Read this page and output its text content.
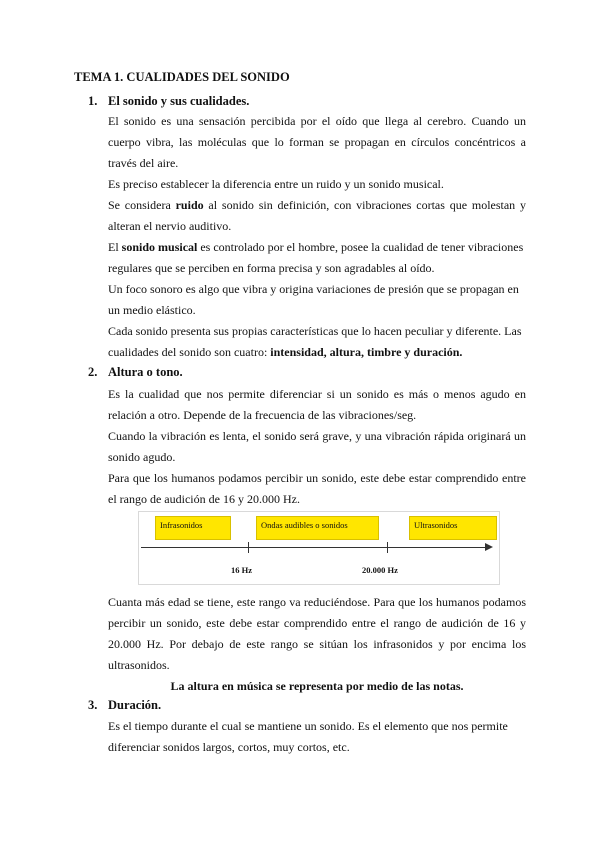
TEMA 1. CUALIDADES DEL SONIDO
1. El sonido y sus cualidades.

El sonido es una sensación percibida por el oído que llega al cerebro. Cuando un cuerpo vibra, las moléculas que lo forman se propagan en círculos concéntricos a través del aire.

Es preciso establecer la diferencia entre un ruido y un sonido musical.

Se considera ruido al sonido sin definición, con vibraciones cortas que molestan y alteran el nervio auditivo.

El sonido musical es controlado por el hombre, posee la cualidad de tener vibraciones regulares que se perciben en forma precisa y son agradables al oído.

Un foco sonoro es algo que vibra y origina variaciones de presión que se propagan en un medio elástico.

Cada sonido presenta sus propias características que lo hacen peculiar y diferente. Las cualidades del sonido son cuatro: intensidad, altura, timbre y duración.

2. Altura o tono.

Es la cualidad que nos permite diferenciar si un sonido es más o menos agudo en relación a otro. Depende de la frecuencia de las vibraciones/seg.

Cuando la vibración es lenta, el sonido será grave, y una vibración rápida originará un sonido agudo.

Para que los humanos podamos percibir un sonido, este debe estar comprendido entre el rango de audición de 16 y 20.000 Hz.

Infrasonidos	Ondas audibles o sonidos	Ultrasonidos
16 Hz	20.000 Hz

Cuanta más edad se tiene, este rango va reduciéndose. Para que los humanos podamos percibir un sonido, este debe estar comprendido entre el rango de audición de 16 y 20.000 Hz. Por debajo de este rango se sitúan los infrasonidos y por encima los ultrasonidos.

La altura en música se representa por medio de las notas.
3. Duración.

Es el tiempo durante el cual se mantiene un sonido. Es el elemento que nos permite diferenciar sonidos largos, cortos, muy cortos, etc.
